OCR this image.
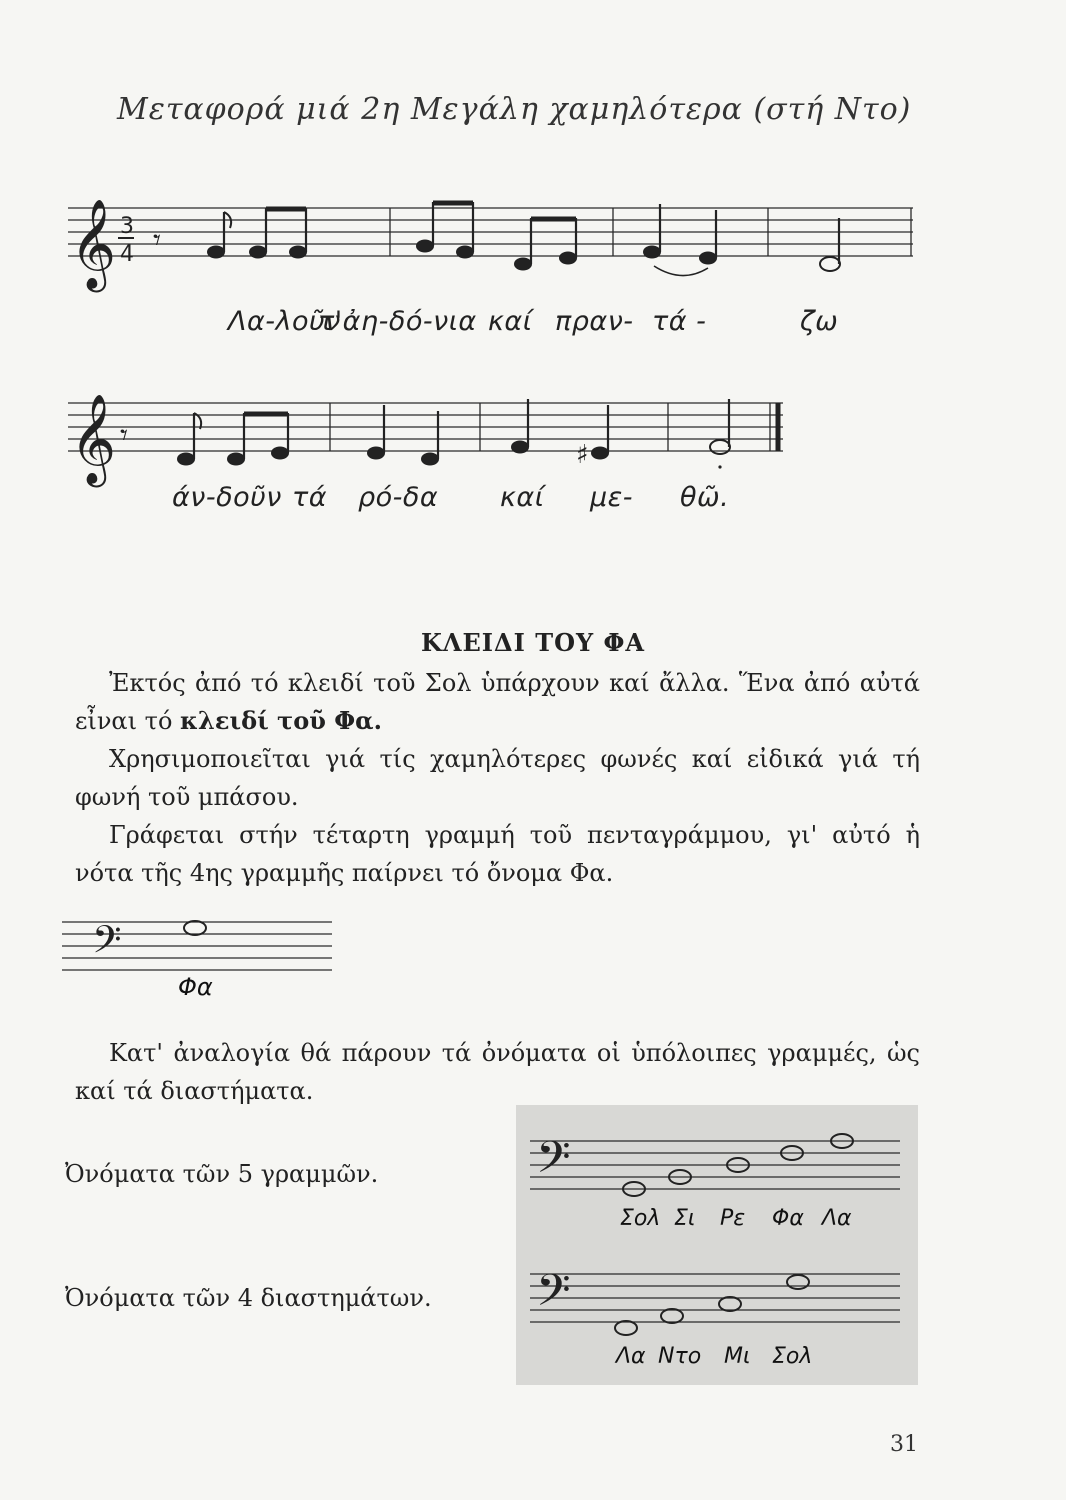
Μεταφορά μιά 2η Μεγάλη χαμηλότερα (στή Ντο)
𝄞 3
4 𝄾
Λα-λοῦν
τ'ἀη-δό-νια καί πραν- τά -	ζω
𝄞 𝄾
♯
άν-δοῦν τά ρό-δα καί με- θῶ.
ΚΛΕΙΔΙ ΤΟΥ ΦΑ
Ἐκτός ἀπό τό κλειδί τοῦ Σολ ὑπάρχουν καί ἄλλα. Ἕνα ἀπό αὐτά εἶναι τό κλειδί τοῦ Φα.
Χρησιμοποιεῖται γιά τίς χαμηλότερες φωνές καί εἰδικά γιά τή φωνή τοῦ μπάσου.
Γράφεται στήν τέταρτη γραμμή τοῦ πενταγράμμου, γι' αὐτό ἡ νότα τῆς 4ης γραμμῆς παίρνει τό ὄνομα Φα.
𝄢
Φα
Κατ' ἀναλογία θά πάρουν τά ὀνόματα οἱ ὑπόλοιπες γραμμές, ὡς καί τά διαστήματα.
Ὀνόματα τῶν 5 γραμμῶν.
Ὀνόματα τῶν 4 διαστημάτων.
𝄢
Σολ Σι Ρε Φα Λα
𝄢
Λα Ντο Μι Σολ
31
